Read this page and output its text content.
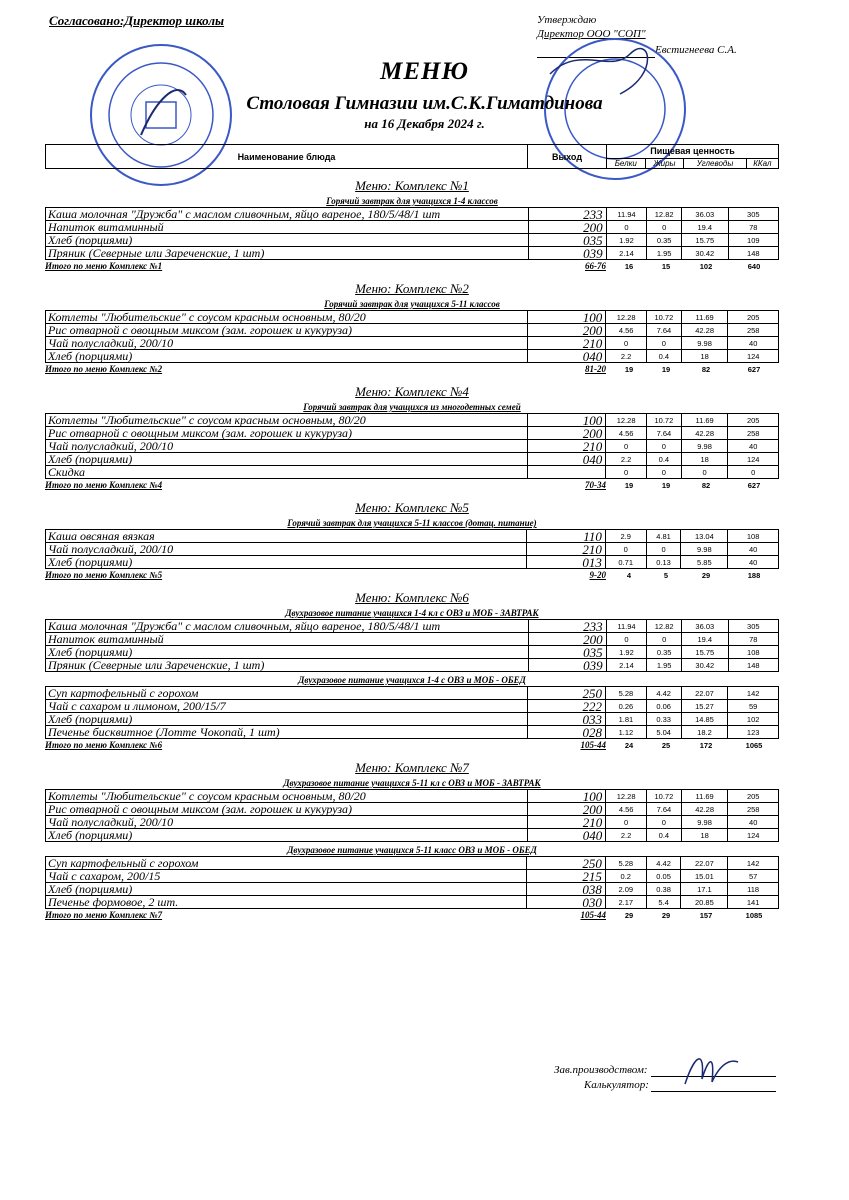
Согласовано:Директор школы	Утверждаю
Директор ООО "СОП"
Евстигнеева С.А.
МЕНЮ
Столовая Гимназии им.С.К.Гиматдинова
на 16 Декабря 2024 г.
Наименование блюда	Выход	Пищевая ценность			
		Белки	Жиры	Углеводы	ККал
Меню: Комплекс №1
Горячий завтрак для учащихся 1-4 классов
Каша молочная "Дружба" с маслом сливочным, яйцо вареное, 180/5/48/1 шт	233	11.94	12.82	36.03	305
Напиток витаминный	200	0	0	19.4	78
Хлеб (порциями)	035	1.92	0.35	15.75	109
Пряник (Северные или Зареченские, 1 шт)	039	2.14	1.95	30.42	148
Итого по меню Комплекс №1	66-76	16	15	102	640
Меню: Комплекс №2
Горячий завтрак для учащихся 5-11 классов
Котлеты "Любительские" с соусом красным основным, 80/20	100	12.28	10.72	11.69	205
Рис отварной с овощным миксом (зам. горошек и кукуруза)	200	4.56	7.64	42.28	258
Чай полусладкий, 200/10	210	0	0	9.98	40
Хлеб (порциями)	040	2.2	0.4	18	124
Итого по меню Комплекс №2	81-20	19	19	82	627
Меню: Комплекс №4
Горячий завтрак для учащихся из многодетных семей
Котлеты "Любительские" с соусом красным основным, 80/20	100	12.28	10.72	11.69	205
Рис отварной с овощным миксом (зам. горошек и кукуруза)	200	4.56	7.64	42.28	258
Чай полусладкий, 200/10	210	0	0	9.98	40
Хлеб (порциями)	040	2.2	0.4	18	124
Скидка		0	0	0	0
Итого по меню Комплекс №4	70-34	19	19	82	627
Меню: Комплекс №5
Горячий завтрак для учащихся 5-11 классов (дотац. питание)
Каша овсяная вязкая	110	2.9	4.81	13.04	108
Чай полусладкий, 200/10	210	0	0	9.98	40
Хлеб (порциями)	013	0.71	0.13	5.85	40
Итого по меню Комплекс №5	9-20	4	5	29	188
Меню: Комплекс №6
Двухразовое питание учащихся 1-4 кл с ОВЗ и МОБ - ЗАВТРАК
Каша молочная "Дружба" с маслом сливочным, яйцо вареное, 180/5/48/1 шт	233	11.94	12.82	36.03	305
Напиток витаминный	200	0	0	19.4	78
Хлеб (порциями)	035	1.92	0.35	15.75	108
Пряник (Северные или Зареченские, 1 шт)	039	2.14	1.95	30.42	148
Двухразовое питание учащихся 1-4 с ОВЗ и МОБ - ОБЕД
Суп картофельный с горохом	250	5.28	4.42	22.07	142
Чай с сахаром и лимоном, 200/15/7	222	0.26	0.06	15.27	59
Хлеб (порциями)	033	1.81	0.33	14.85	102
Печенье бисквитное (Лотте Чокопай, 1 шт)	028	1.12	5.04	18.2	123
Итого по меню Комплекс №6	105-44	24	25	172	1065
Меню: Комплекс №7
Двухразовое питание учащихся 5-11 кл с ОВЗ и МОБ - ЗАВТРАК
Котлеты "Любительские" с соусом красным основным, 80/20	100	12.28	10.72	11.69	205
Рис отварной с овощным миксом (зам. горошек и кукуруза)	200	4.56	7.64	42.28	258
Чай полусладкий, 200/10	210	0	0	9.98	40
Хлеб (порциями)	040	2.2	0.4	18	124
Двухразовое питание учащихся 5-11 класс ОВЗ и МОБ - ОБЕД
Суп картофельный с горохом	250	5.28	4.42	22.07	142
Чай с сахаром, 200/15	215	0.2	0.05	15.01	57
Хлеб (порциями)	038	2.09	0.38	17.1	118
Печенье формовое, 2 шт.	030	2.17	5.4	20.85	141
Итого по меню Комплекс №7	105-44	29	29	157	1085
Зав.производством:
Калькулятор:
